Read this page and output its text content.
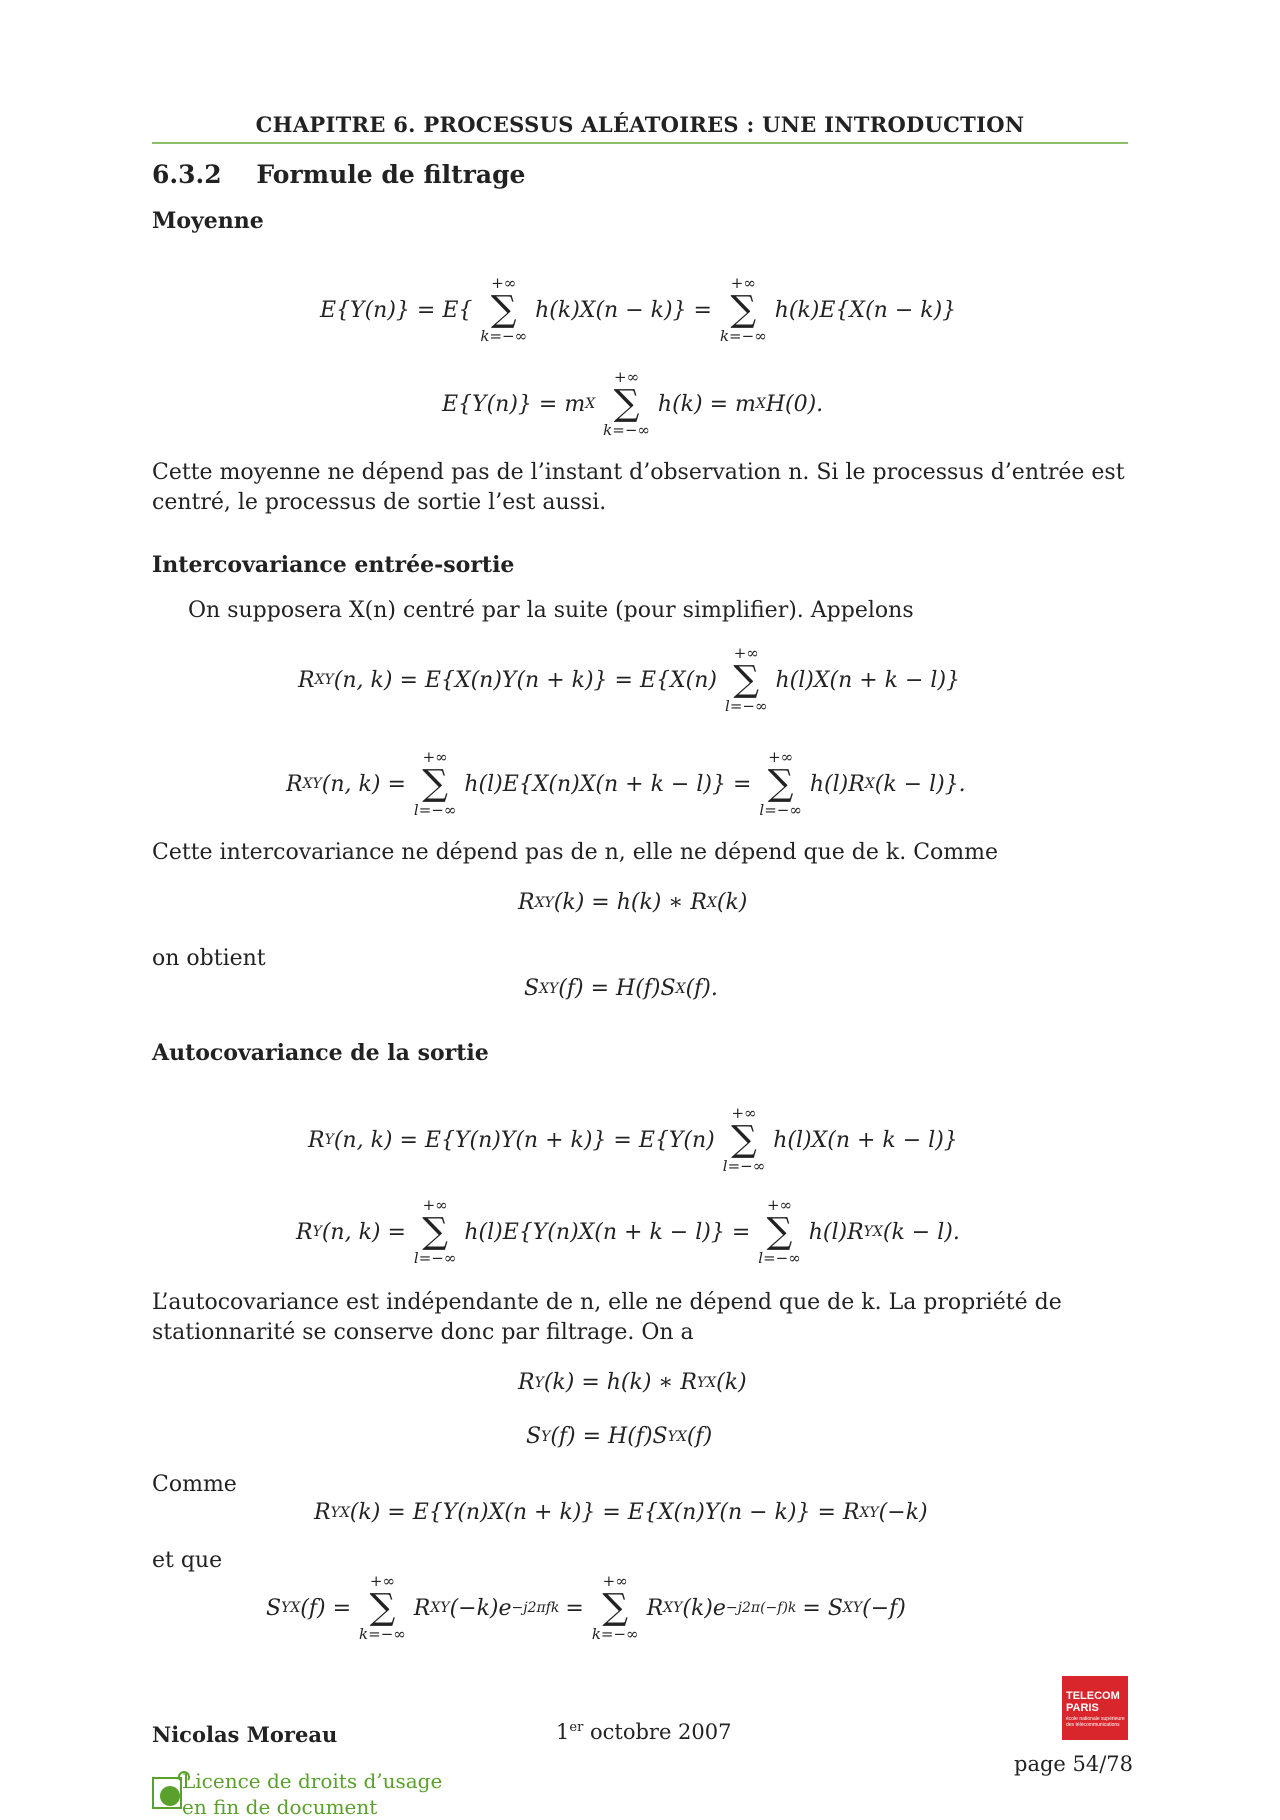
CHAPITRE 6. PROCESSUS ALÉATOIRES : UNE INTRODUCTION
6.3.2 Formule de filtrage
Moyenne
E{Y(n)} = E{
+∞
∑
k=−∞
h(k)X(n − k)} =
+∞
∑
k=−∞
h(k)E{X(n − k)}
E{Y(n)} = m X
+∞
∑
k=−∞
h(k) = m X H(0).
Cette moyenne ne dépend pas de l’instant d’observation n. Si le processus d’entrée est centré, le processus de sortie l’est aussi.
Intercovariance entrée-sortie
On supposera X(n) centré par la suite (pour simplifier). Appelons
R XY (n, k) = E{X(n)Y(n + k)} = E{X(n)
+∞
∑
l=−∞
h(l)X(n + k − l)}
R XY (n, k) =
+∞
∑
l=−∞
h(l)E{X(n)X(n + k − l)} =
+∞
∑
l=−∞
h(l)R X (k − l)}.
Cette intercovariance ne dépend pas de n, elle ne dépend que de k. Comme
R XY (k) = h(k) ∗ R X (k)
on obtient
S XY (f) = H(f)S X (f).
Autocovariance de la sortie
R Y (n, k) = E{Y(n)Y(n + k)} = E{Y(n)
+∞
∑
l=−∞
h(l)X(n + k − l)}
R Y (n, k) =
+∞
∑
l=−∞
h(l)E{Y(n)X(n + k − l)} =
+∞
∑
l=−∞
h(l)R YX (k − l).
L’autocovariance est indépendante de n, elle ne dépend que de k. La propriété de stationnarité se conserve donc par filtrage. On a
R Y (k) = h(k) ∗ R YX (k)
S Y (f) = H(f)S YX (f)
Comme
R YX (k) = E{Y(n)X(n + k)} = E{X(n)Y(n − k)} = R XY (−k)
et que
S YX (f) =
+∞
∑
k=−∞
R XY (−k)e −j2πfk =
+∞
∑
k=−∞
R XY (k)e −j2π(−f)k = S XY (−f)
TELECOM
PARIS
école nationale supérieure des télécommunications
Nicolas Moreau	1er octobre 2007
page 54/78
Licence de droits d’usage
en fin de document
